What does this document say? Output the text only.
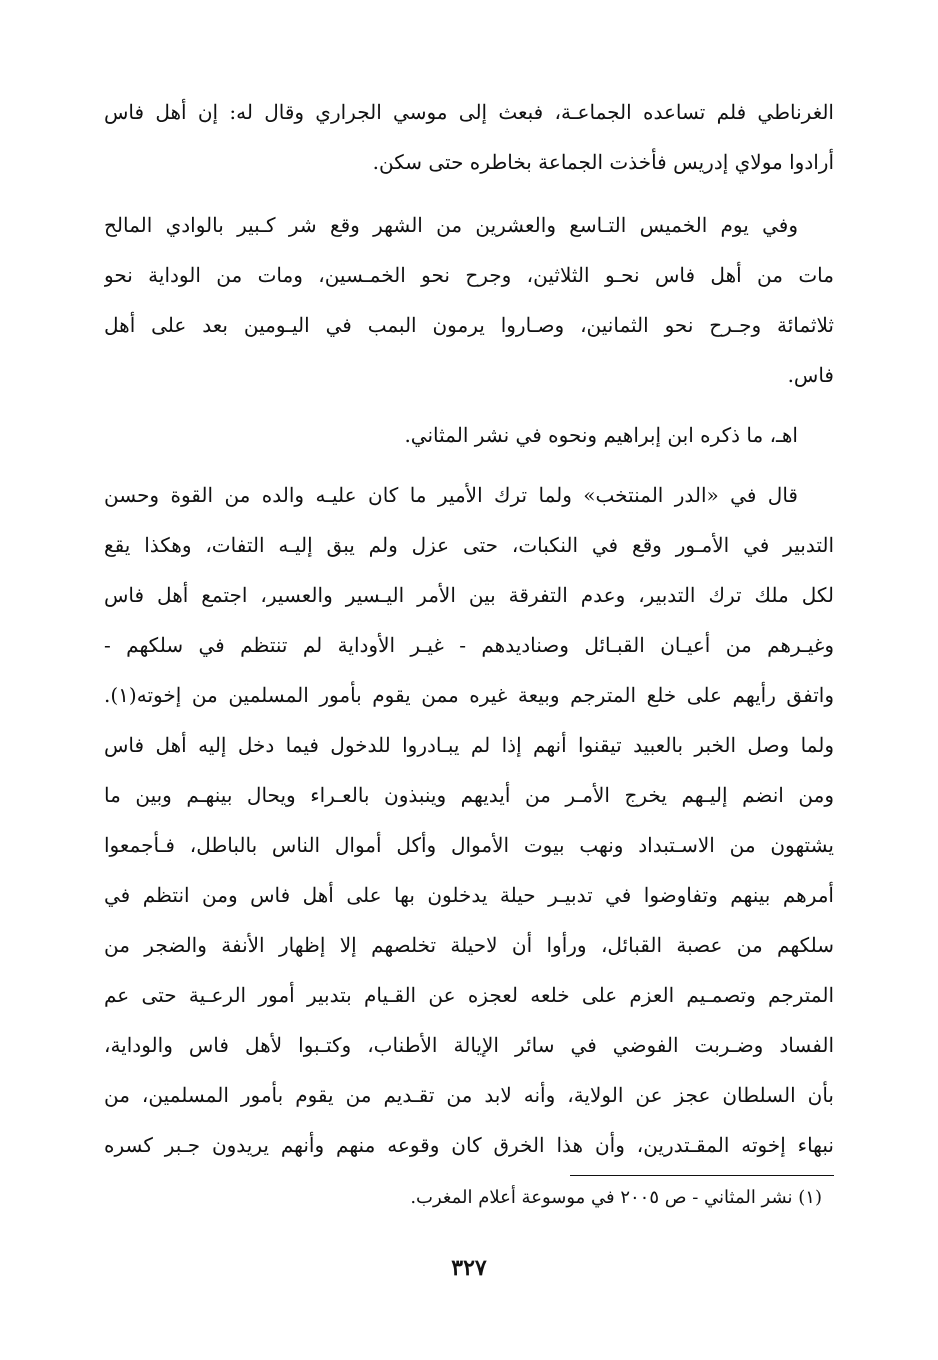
الغرناطي فلم تساعده الجماعـة، فبعث إلى موسي الجراري وقال له: إن أهل فاس
أرادوا مولاي إدريس فأخذت الجماعة بخاطره حتى سكن.
وفي يوم الخميس التـاسع والعشرين من الشهر وقع شر كـبير بالوادي المالح
مات من أهل فاس نحـو الثلاثين، وجرح نحو الخمـسين، ومات من الوداية نحو
ثلاثمائة وجـرح نحو الثمانين، وصـاروا يرمون البمب في اليـومين بعد على أهل
فاس.
اهـ، ما ذكره ابن إبراهيم ونحوه في نشر المثاني.
قال في «الدر المنتخب» ولما ترك الأمير ما كان عليـه والده من القوة وحسن
التدبير في الأمـور وقع في النكبات، حتى عزل ولم يبق إليـه التفات، وهكذا يقع
لكل ملك ترك التدبير، وعدم التفرقة بين الأمر اليـسير والعسير، اجتمع أهل فاس
وغيـرهم من أعيـان القبـائل وصناديدهم - غيـر الأوداية لم تنتظم في سلكهم -
واتفق رأيهم على خلع المترجم وبيعة غيره ممن يقوم بأمور المسلمين من إخوته(١).
ولما وصل الخبر بالعبيد تيقنوا أنهم إذا لم يبـادروا للدخول فيما دخل إليه أهل فاس
ومن انضم إليـهم يخرج الأمـر من أيديهم وينبذون بالعـراء ويحال بينهـم وبين ما
يشتهون من الاسـتبداد ونهب بيوت الأموال وأكل أموال الناس بالباطل، فـأجمعوا
أمرهم بينهم وتفاوضوا في تدبيـر حيلة يدخلون بها على أهل فاس ومن انتظم في
سلكهم من عصبة القبائل، ورأوا أن لاحيلة تخلصهم إلا إظهار الأنفة والضجر من
المترجم وتصمـيم العزم على خلعه لعجزه عن القـيام بتدبير أمور الرعـية حتى عم
الفساد وضـربت الفوضي في سائر الإيالة الأطناب، وكتـبوا لأهل فاس والوداية،
بأن السلطان عجز عن الولاية، وأنه لابد من تقـديم من يقوم بأمور المسلمين، من
نبهاء إخوته المقـتدرين، وأن هذا الخرق كان وقوعه منهم وأنهم يريدون جـبر كسره
(١) نشر المثاني - ص ٢٠٠٥ في موسوعة أعلام المغرب.
٣٢٧
